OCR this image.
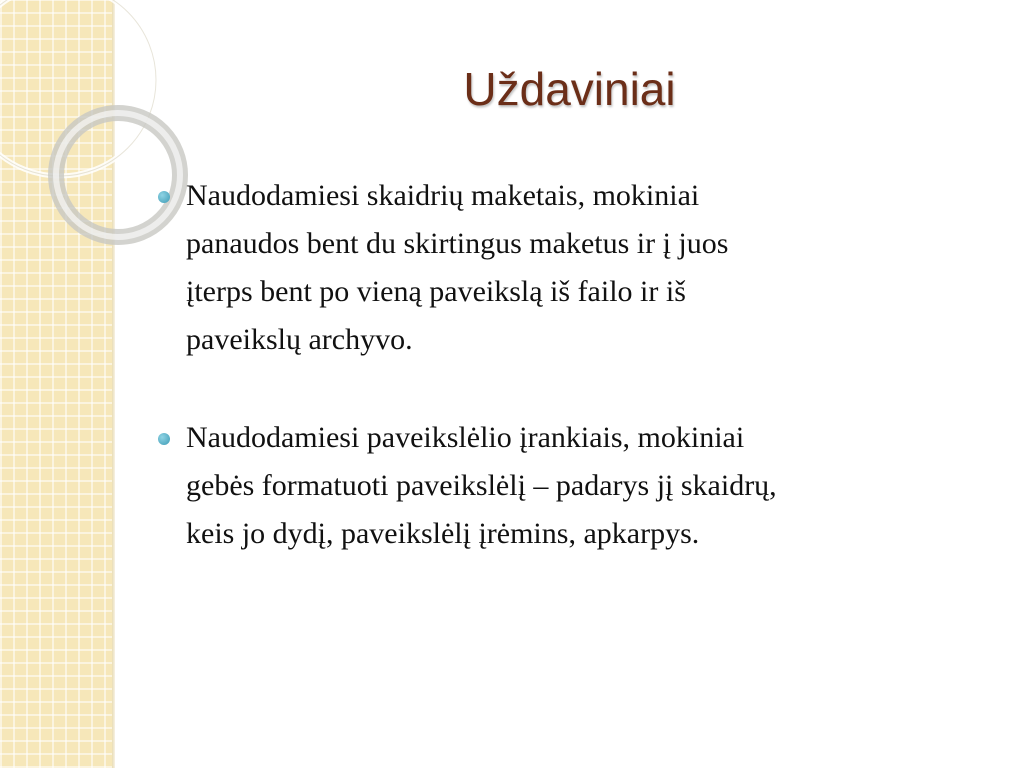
Uždaviniai
Naudodamiesi skaidrių maketais, mokiniai
panaudos bent du skirtingus maketus ir į juos
įterps bent po vieną paveikslą iš failo ir iš
paveikslų archyvo.
Naudodamiesi paveikslėlio įrankiais, mokiniai
gebės formatuoti paveikslėlį – padarys jį skaidrų,
keis jo dydį, paveikslėlį įrėmins, apkarpys.
